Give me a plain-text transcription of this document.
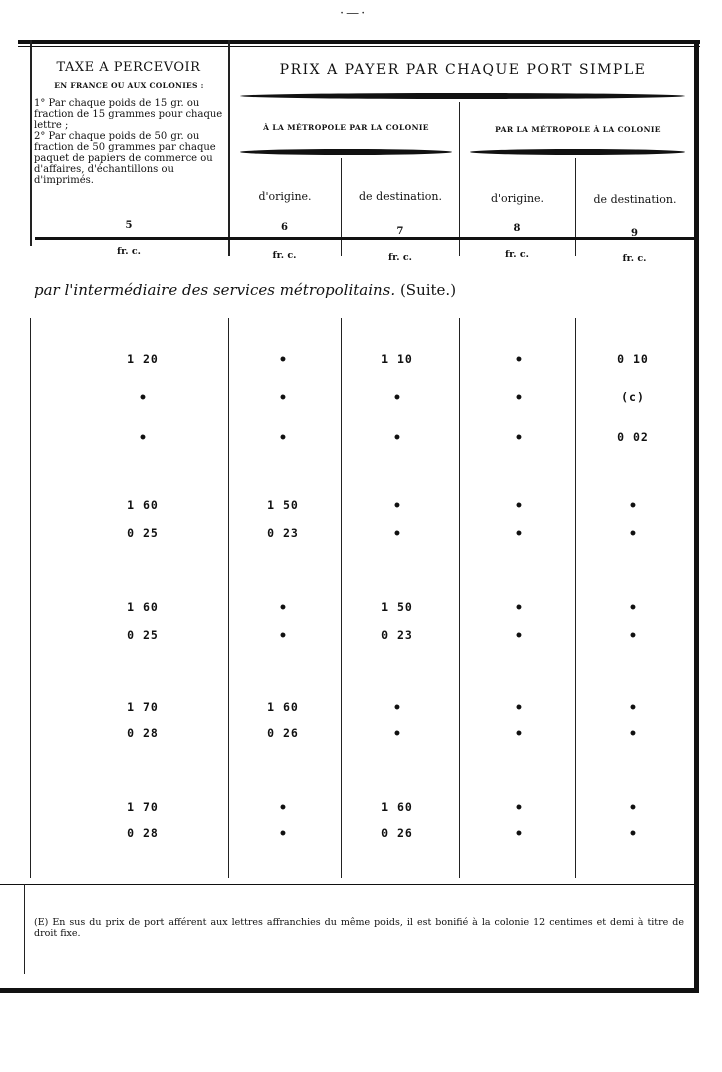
·—·
TAXE A PERCEVOIR
EN FRANCE OU AUX COLONIES :

1° Par chaque poids de 15 gr. ou fraction de 15 grammes pour chaque lettre ;

2° Par chaque poids de 50 gr. ou fraction de 50 grammes par chaque paquet de papiers de commerce ou d'affaires, d'échantillons ou d'imprimés.

PRIX A PAYER PAR CHAQUE PORT SIMPLE
À LA MÉTROPOLE PAR LA COLONIE	PAR LA MÉTROPOLE À LA COLONIE
d'origine.	de destination.	d'origine.	de destination.
5	6	7	8	9
fr. c.	fr. c.	fr. c.	fr. c.	fr. c.
par l'intermédiaire des services métropolitains. (Suite.)
1 20	•	1 10	•	0 10
•	•	•	•	(c)
•	•	•	•	0 02
1 60	1 50	•	•	•
0 25	0 23	•	•	•
1 60	•	1 50	•	•
0 25	•	0 23	•	•
1 70	1 60	•	•	•
0 28	0 26	•	•	•
1 70	•	1 60	•	•
0 28	•	0 26	•	•
(E) En sus du prix de port afférent aux lettres affranchies du même poids, il est bonifié à la colonie 12 centimes et demi à titre de droit fixe.
